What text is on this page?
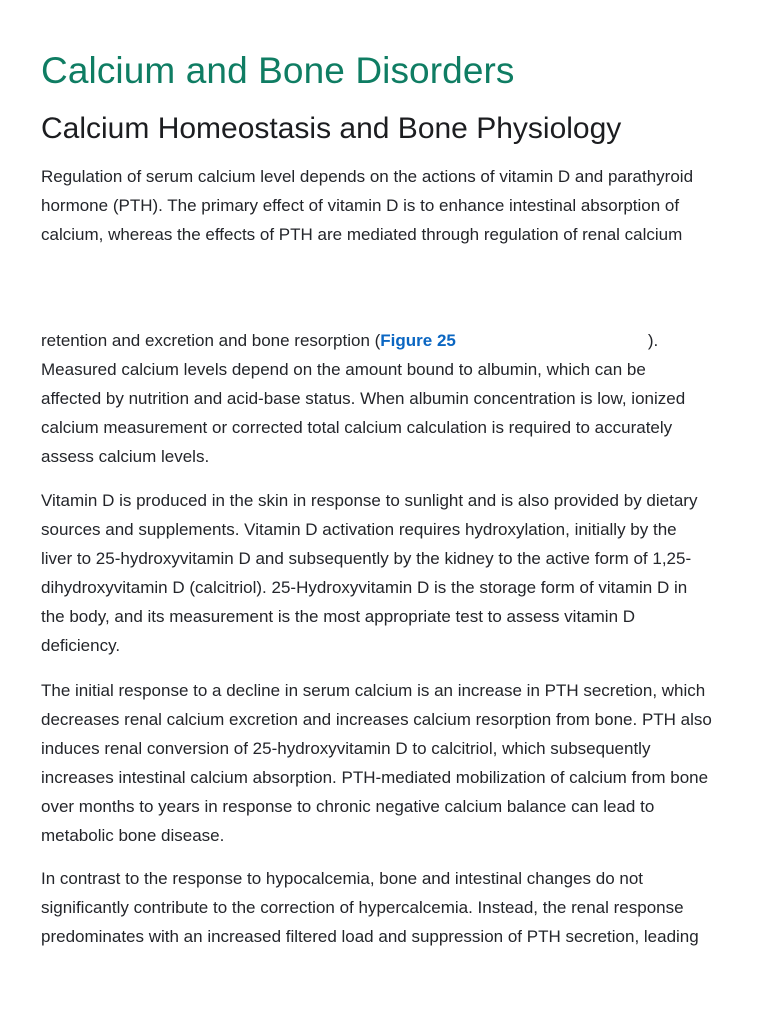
Calcium and Bone Disorders
Calcium Homeostasis and Bone Physiology

Regulation of serum calcium level depends on the actions of vitamin D and parathyroid
hormone (PTH). The primary effect of vitamin D is to enhance intestinal absorption of
calcium, whereas the effects of PTH are mediated through regulation of renal calcium

retention and excretion and bone resorption (Figure 25	).
Measured calcium levels depend on the amount bound to albumin, which can be
affected by nutrition and acid-base status. When albumin concentration is low, ionized
calcium measurement or corrected total calcium calculation is required to accurately
assess calcium levels.

Vitamin D is produced in the skin in response to sunlight and is also provided by dietary
sources and supplements. Vitamin D activation requires hydroxylation, initially by the
liver to 25-hydroxyvitamin D and subsequently by the kidney to the active form of 1,25-
dihydroxyvitamin D (calcitriol). 25-Hydroxyvitamin D is the storage form of vitamin D in
the body, and its measurement is the most appropriate test to assess vitamin D
deficiency.

The initial response to a decline in serum calcium is an increase in PTH secretion, which
decreases renal calcium excretion and increases calcium resorption from bone. PTH also
induces renal conversion of 25-hydroxyvitamin D to calcitriol, which subsequently
increases intestinal calcium absorption. PTH-mediated mobilization of calcium from bone
over months to years in response to chronic negative calcium balance can lead to
metabolic bone disease.

In contrast to the response to hypocalcemia, bone and intestinal changes do not
significantly contribute to the correction of hypercalcemia. Instead, the renal response
predominates with an increased filtered load and suppression of PTH secretion, leading
